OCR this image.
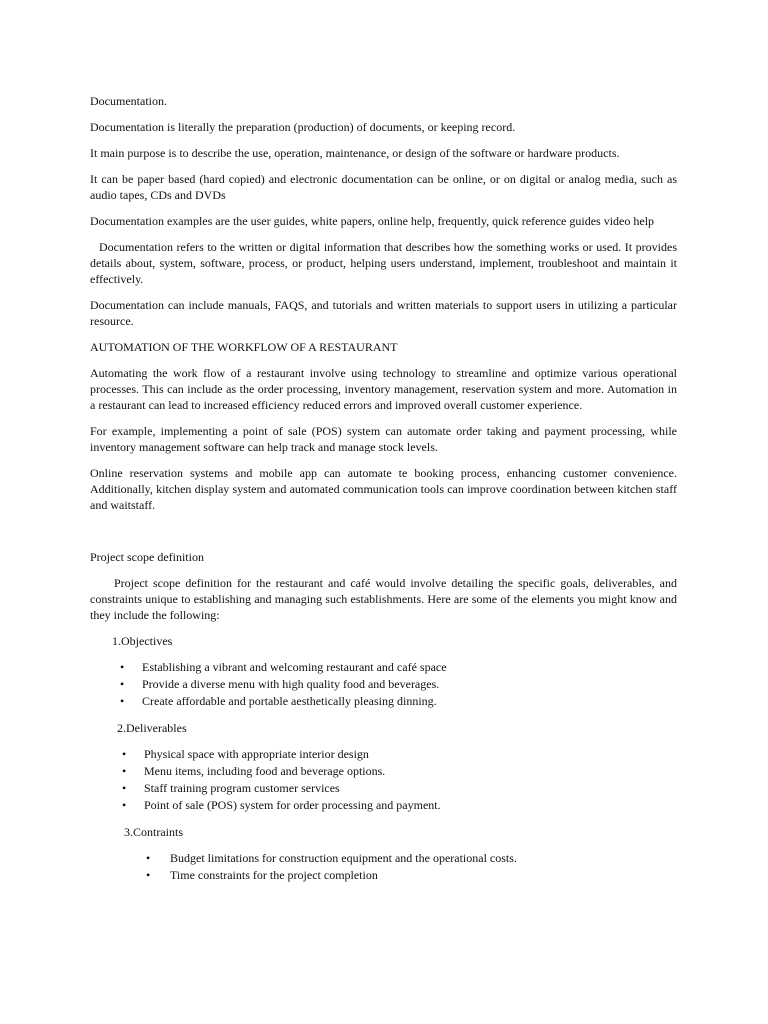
Documentation.

Documentation is literally the preparation (production) of documents, or keeping record.

It main purpose is to describe the use, operation, maintenance, or design of the software or hardware products.

It can be paper based (hard copied) and electronic documentation can be online, or on digital or analog media, such as audio tapes, CDs and DVDs

Documentation examples are the user guides, white papers, online help, frequently, quick reference guides video help

Documentation refers to the written or digital information that describes how the something works or used. It provides details about, system, software, process, or product, helping users understand, implement, troubleshoot and maintain it effectively.

Documentation can include manuals, FAQS, and tutorials and written materials to support users in utilizing a particular resource.

AUTOMATION OF THE WORKFLOW OF A RESTAURANT

Automating the work flow of a restaurant involve using technology to streamline and optimize various operational processes. This can include as the order processing, inventory management, reservation system and more. Automation in a restaurant can lead to increased efficiency reduced errors and improved overall customer experience.

For example, implementing a point of sale (POS) system can automate order taking and payment processing, while inventory management software can help track and manage stock levels.

Online reservation systems and mobile app can automate te booking process, enhancing customer convenience. Additionally, kitchen display system and automated communication tools can improve coordination between kitchen staff and waitstaff.

Project scope definition

Project scope definition for the restaurant and café would involve detailing the specific goals, deliverables, and constraints unique to establishing and managing such establishments. Here are some of the elements you might know and they include the following:

1.Objectives

• Establishing a vibrant and welcoming restaurant and café space
• Provide a diverse menu with high quality food and beverages.
• Create affordable and portable aesthetically pleasing dinning.

2.Deliverables

• Physical space with appropriate interior design
• Menu items, including food and beverage options.
• Staff training program customer services
• Point of sale (POS) system for order processing and payment.

3.Contraints

• Budget limitations for construction equipment and the operational costs.
• Time constraints for the project completion
